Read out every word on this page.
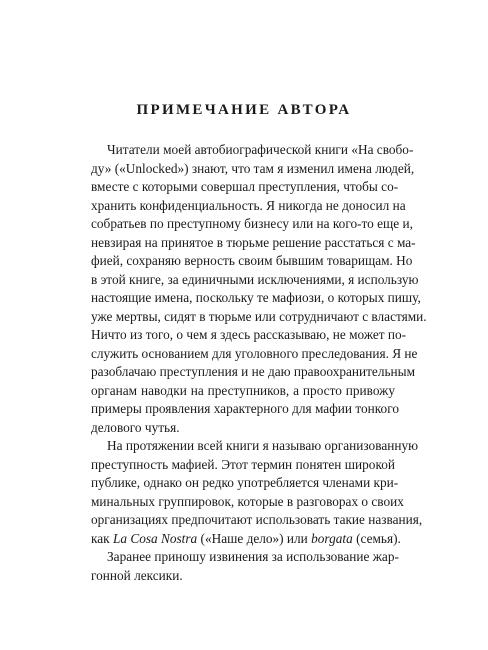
ПРИМЕЧАНИЕ АВТОРА

Читатели моей автобиографической книги «На свобо-
ду» («Unlocked») знают, что там я изменил имена людей,
вместе с которыми совершал преступления, чтобы со-
хранить конфиденциальность. Я никогда не доносил на
собратьев по преступному бизнесу или на кого-то еще и,
невзирая на принятое в тюрьме решение расстаться с ма-
фией, сохраняю верность своим бывшим товарищам. Но
в этой книге, за единичными исключениями, я использую
настоящие имена, поскольку те мафиози, о которых пишу,
уже мертвы, сидят в тюрьме или сотрудничают с властями.
Ничто из того, о чем я здесь рассказываю, не может по-
служить основанием для уголовного преследования. Я не
разоблачаю преступления и не даю правоохранительным
органам наводки на преступников, а просто привожу
примеры проявления характерного для мафии тонкого
делового чутья.

На протяжении всей книги я называю организованную
преступность мафией. Этот термин понятен широкой
публике, однако он редко употребляется членами кри-
минальных группировок, которые в разговорах о своих
организациях предпочитают использовать такие названия,
как La Cosa Nostra («Наше дело») или borgata (семья).

Заранее приношу извинения за использование жар-
гонной лексики.
